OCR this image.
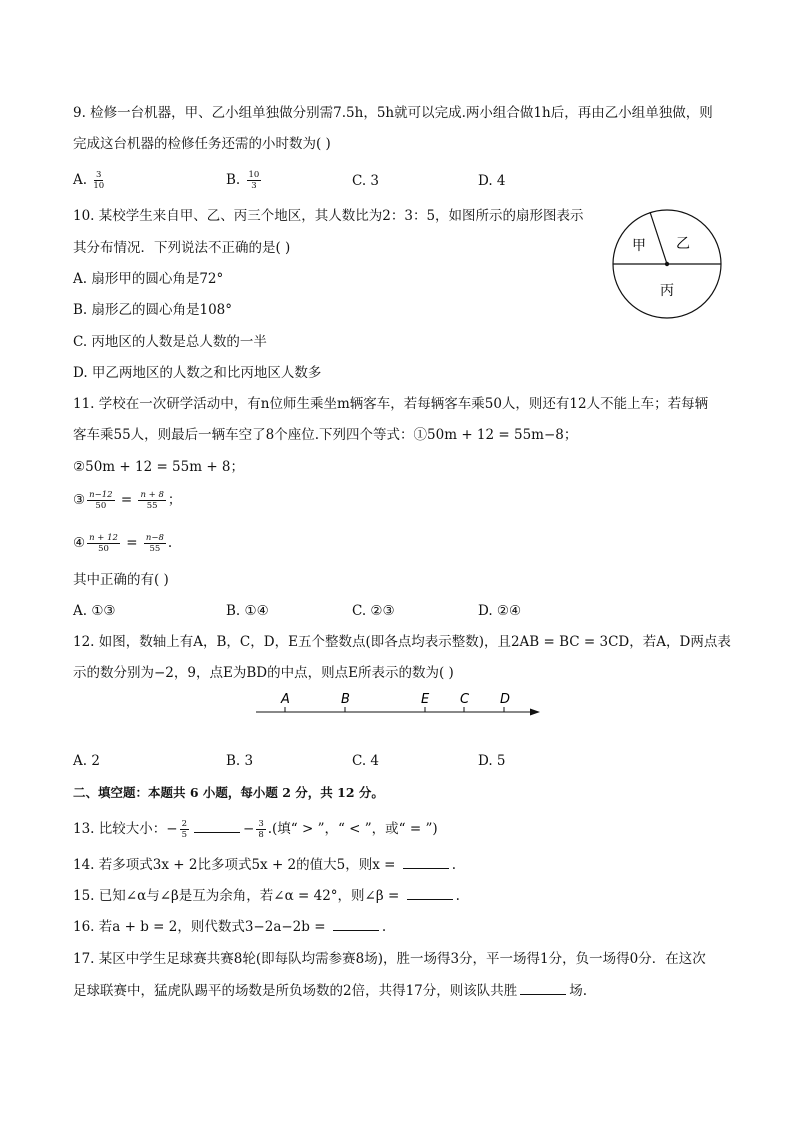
9. 检修一台机器，甲、乙小组单独做分别需7.5h，5h就可以完成.两小组合做1h后，再由乙小组单独做，则
完成这台机器的检修任务还需的小时数为( )
A. $\frac{3}{10}$	B. $\frac{10}{3}$	C. 3	D. 4
10. 某校学生来自甲、乙、丙三个地区，其人数比为2：3：5，如图所示的扇形图表示
其分布情况．下列说法不正确的是( )
A. 扇形甲的圆心角是72°
B. 扇形乙的圆心角是108°
C. 丙地区的人数是总人数的一半
D. 甲乙两地区的人数之和比丙地区人数多
甲 乙
丙
11. 学校在一次研学活动中，有n位师生乘坐m辆客车，若每辆客车乘50人，则还有12人不能上车；若每辆
客车乘55人，则最后一辆车空了8个座位.下列四个等式：①50m + 12 = 55m−8；
②50m + 12 = 55m + 8；
③ $\frac{n-12}{50} = \frac{n + 8}{55}$ ；
④ $\frac{n + 12}{50} = \frac{n-8}{55}$ .
其中正确的有( )
A. ①③	B. ①④	C. ②③	D. ②④
12. 如图，数轴上有A，B，C，D，E五个整数点(即各点均表示整数)，且2AB = BC = 3CD，若A，D两点表
示的数分别为−2，9，点E为BD的中点，则点E所表示的数为( )
A	B	E C D
A. 2	B. 3	C. 4	D. 5
二、填空题：本题共 6 小题，每小题 2 分，共 12 分。
13. 比较大小：− $\frac{2}{5}$	− $\frac{3}{8}$ .(填“ > ”，“ < ”，或“ = ”)
14. 若多项式3x + 2比多项式5x + 2的值大5，则x =	.
15. 已知∠α与∠β是互为余角，若∠α = 42°，则∠β =	.
16. 若a + b = 2，则代数式3−2a−2b =	.
17. 某区中学生足球赛共赛8轮(即每队均需参赛8场)，胜一场得3分，平一场得1分，负一场得0分．在这次
足球联赛中，猛虎队踢平的场数是所负场数的2倍，共得17分，则该队共胜	场.
